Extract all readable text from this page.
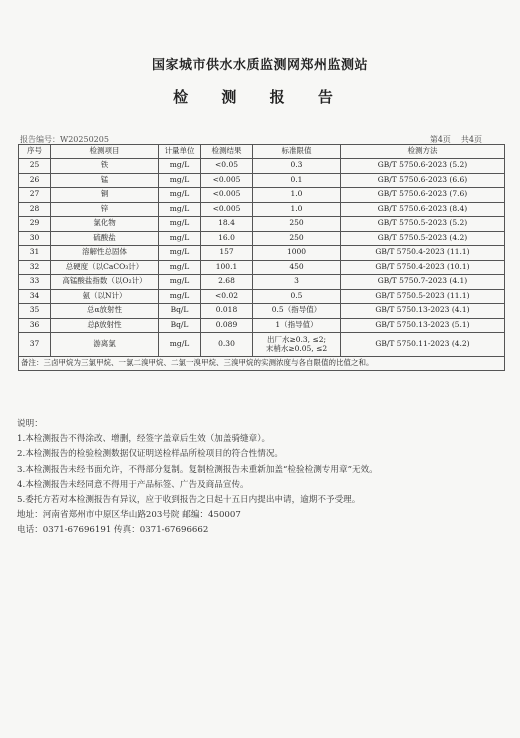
国家城市供水水质监测网郑州监测站
检 测 报 告
报告编号：W20250205	第4页 共4页
序号	检测项目	计量单位	检测结果	标准限值	检测方法
25	铁	mg/L	<0.05	0.3	GB/T 5750.6-2023 (5.2)
26	锰	mg/L	<0.005	0.1	GB/T 5750.6-2023 (6.6)
27	铜	mg/L	<0.005	1.0	GB/T 5750.6-2023 (7.6)
28	锌	mg/L	<0.005	1.0	GB/T 5750.6-2023 (8.4)
29	氯化物	mg/L	18.4	250	GB/T 5750.5-2023 (5.2)
30	硫酸盐	mg/L	16.0	250	GB/T 5750.5-2023 (4.2)
31	溶解性总固体	mg/L	157	1000	GB/T 5750.4-2023 (11.1)
32	总硬度（以CaCO₃计）	mg/L	100.1	450	GB/T 5750.4-2023 (10.1)
33	高锰酸盐指数（以O₂计）	mg/L	2.68	3	GB/T 5750.7-2023 (4.1)
34	氨（以N计）	mg/L	<0.02	0.5	GB/T 5750.5-2023 (11.1)
35	总α放射性	Bq/L	0.018	0.5（指导值）	GB/T 5750.13-2023 (4.1)
36	总β放射性	Bq/L	0.089	1（指导值）	GB/T 5750.13-2023 (5.1)
37	游离氯	mg/L	0.30	出厂水≥0.3, ≤2;
末梢水≥0.05, ≤2	GB/T 5750.11-2023 (4.2)
备注：三卤甲烷为三氯甲烷、一氯二溴甲烷、二氯一溴甲烷、三溴甲烷的实测浓度与各自限值的比值之和。					
说明：
1.本检测报告不得涂改、增删，经签字盖章后生效（加盖骑缝章）。
2.本检测报告的检验检测数据仅证明送检样品所检项目的符合性情况。
3.本检测报告未经书面允许，不得部分复制。复制检测报告未重新加盖“检验检测专用章”无效。
4.本检测报告未经同意不得用于产品标签、广告及商品宣传。
5.委托方若对本检测报告有异议，应于收到报告之日起十五日内提出申请，逾期不予受理。
地址：河南省郑州市中原区华山路203号院 邮编：450007
电话：0371-67696191 传真：0371-67696662
